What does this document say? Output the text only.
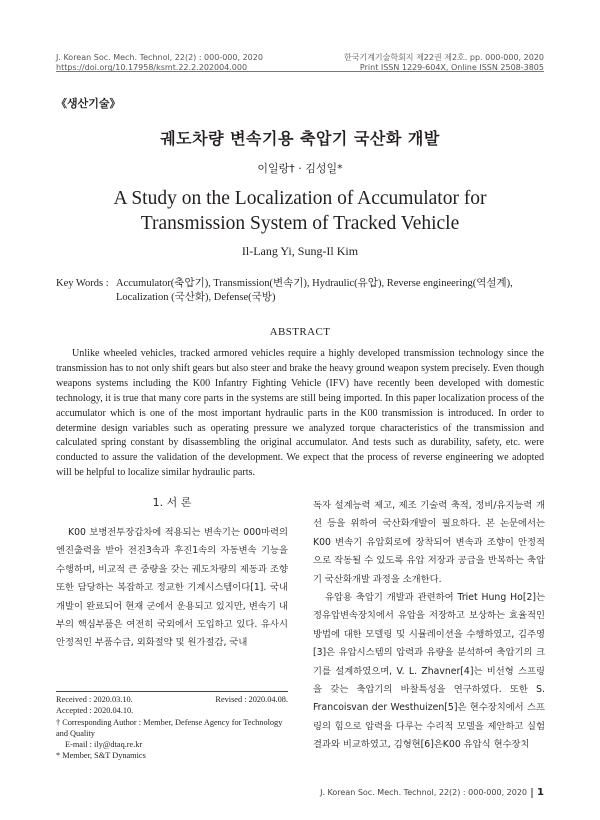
J. Korean Soc. Mech. Technol, 22(2) : 000-000, 2020
https://doi.org/10.17958/ksmt.22.2.202004.000
한국기계기술학회지 제22권 제2호. pp. 000-000, 2020
Print ISSN 1229-604X, Online ISSN 2508-3805
《생산기술》
궤도차량 변속기용 축압기 국산화 개발
이일랑† · 김성일*
A Study on the Localization of Accumulator for
Transmission System of Tracked Vehicle
Il-Lang Yi, Sung-Il Kim
Key Words : Accumulator(축압기), Transmission(변속기), Hydraulic(유압), Reverse engineering(역설계), Localization (국산화), Defense(국방)
ABSTRACT

Unlike wheeled vehicles, tracked armored vehicles require a highly developed transmission technology since the transmission has to not only shift gears but also steer and brake the heavy ground weapon system precisely. Even though weapons systems including the K00 Infantry Fighting Vehicle (IFV) have recently been developed with domestic technology, it is true that many core parts in the systems are still being imported. In this paper localization process of the accumulator which is one of the most important hydraulic parts in the K00 transmission is introduced. In order to determine design variables such as operating pressure we analyzed torque characteristics of the transmission and calculated spring constant by disassembling the original accumulator. And tests such as durability, safety, etc. were conducted to assure the validation of the development. We expect that the process of reverse engineering we adopted will be helpful to localize similar hydraulic parts.

1. 서 론

K00 보병전투장갑차에 적용되는 변속기는 000마력의 엔진출력을 받아 전진3속과 후진1속의 자동변속 기능을 수행하며, 비교적 큰 중량을 갖는 궤도차량의 제동과 조향 또한 담당하는 복잡하고 정교한 기계시스템이다[1]. 국내 개발이 완료되어 현재 군에서 운용되고 있지만, 변속기 내부의 핵심부품은 여전히 국외에서 도입하고 있다. 유사시 안정적인 부품수급, 외화절약 및 원가절감, 국내

독자 설계능력 제고, 제조 기술력 축적, 정비/유지능력 개선 등을 위하여 국산화개발이 필요하다. 본 논문에서는 K00 변속기 유압회로에 장착되어 변속과 조향이 안정적으로 작동될 수 있도록 유압 저장과 공급을 반복하는 축압기 국산화개발 과정을 소개한다.

유압용 축압기 개발과 관련하여 Triet Hung Ho[2]는 정유압변속장치에서 유압을 저장하고 보상하는 효율적인 방법에 대한 모델링 및 시뮬레이션을 수행하였고, 김주영[3]은 유압시스템의 압력과 유량을 분석하여 축압기의 크기를 설계하였으며, V. L. Zhavner[4]는 비선형 스프링을 갖는 축압기의 바찰특성을 연구하였다. 또한 S. Francoisvan der Westhuizen[5]은 현수장치에서 스프링의 힘으로 압력을 다루는 수리적 모델을 제안하고 실험결과와 비교하였고, 김형현[6]은K00 유압식 현수장치

Received : 2020.03.10.	Revised : 2020.04.08.
Accepted : 2020.04.10.
† Corresponding Author : Member, Defense Agency for Technology and Quality
E-mail : ily@dtaq.re.kr
* Member, S&T Dynamics
J. Korean Soc. Mech. Technol, 22(2) : 000-000, 2020 1
